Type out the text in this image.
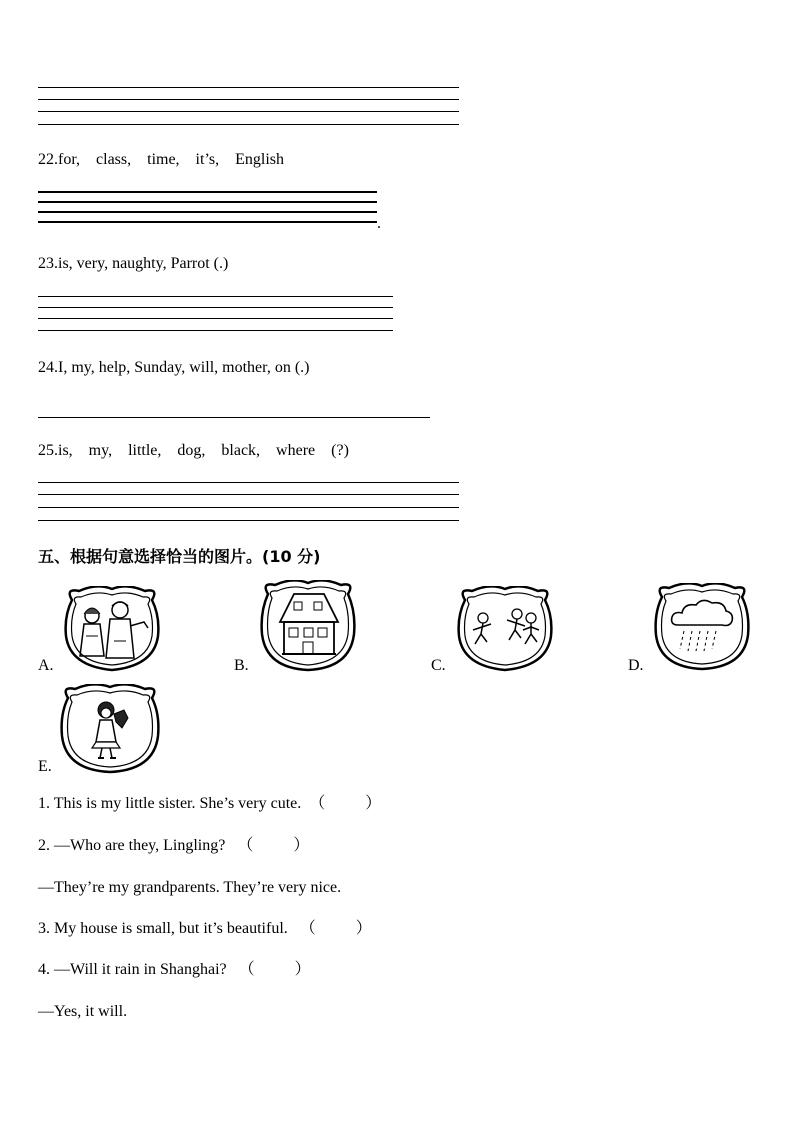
22.for,    class,    time,    it’s,    English
.
23.is, very, naughty, Parrot (.)
24.I, my, help, Sunday, will, mother, on (.)
25.is,    my,    little,    dog,    black,    where    (?)
五、根据句意选择恰当的图片。(10 分)
A.	B.	C.	D.
E.
1. This is my little sister. She’s very cute.  （          ）
2. —Who are they, Lingling?   （          ）
—They’re my grandparents. They’re very nice.
3. My house is small, but it’s beautiful.   （          ）
4. —Will it rain in Shanghai?   （          ）
—Yes, it will.
